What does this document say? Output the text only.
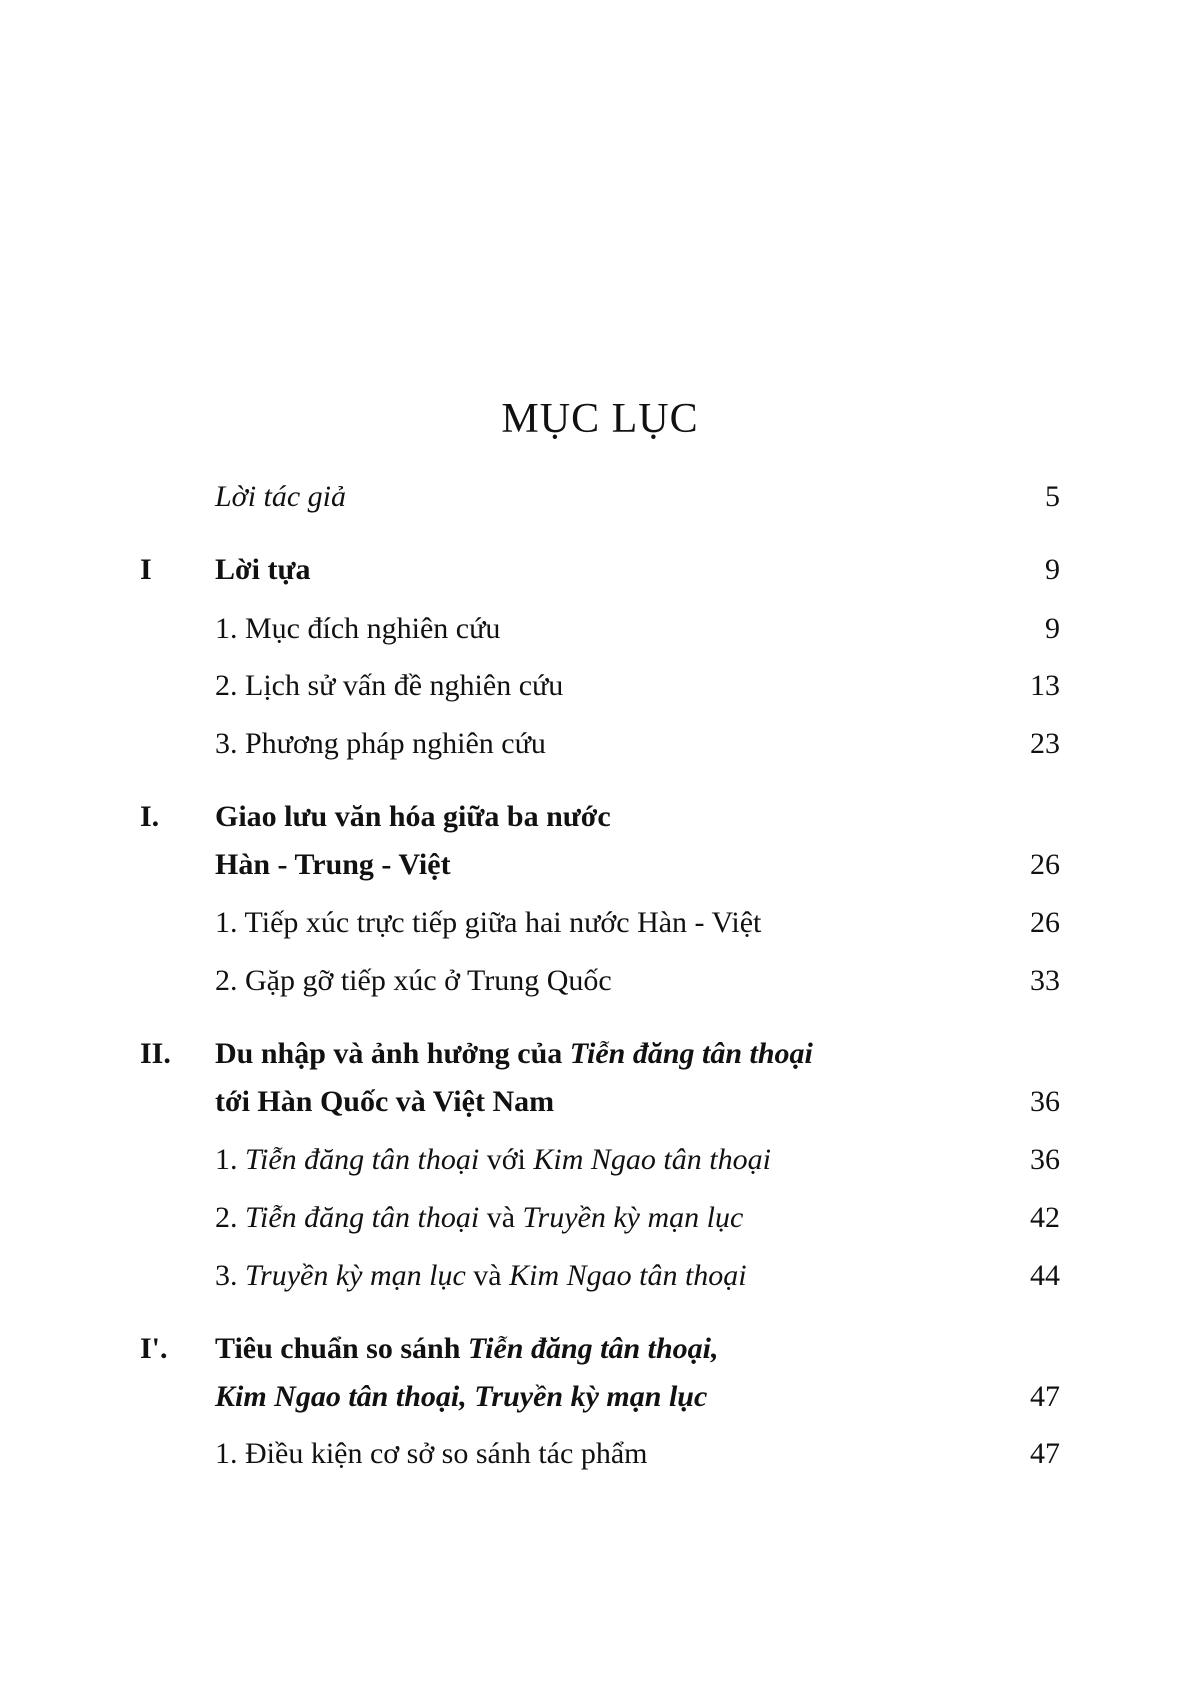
MỤC LỤC
Lời tác giả	5
I Lời tựa	9
1. Mục đích nghiên cứu	9
2. Lịch sử vấn đề nghiên cứu	13
3. Phương pháp nghiên cứu	23
I. Giao lưu văn hóa giữa ba nước
Hàn - Trung - Việt	26
1. Tiếp xúc trực tiếp giữa hai nước Hàn - Việt	26
2. Gặp gỡ tiếp xúc ở Trung Quốc	33
II. Du nhập và ảnh hưởng của Tiễn đăng tân thoại
tới Hàn Quốc và Việt Nam	36
1. Tiễn đăng tân thoại với Kim Ngao tân thoại	36
2. Tiễn đăng tân thoại và Truyền kỳ mạn lục	42
3. Truyền kỳ mạn lục và Kim Ngao tân thoại	44
I'. Tiêu chuẩn so sánh Tiễn đăng tân thoại,
Kim Ngao tân thoại, Truyền kỳ mạn lục	47
1. Điều kiện cơ sở so sánh tác phẩm	47
